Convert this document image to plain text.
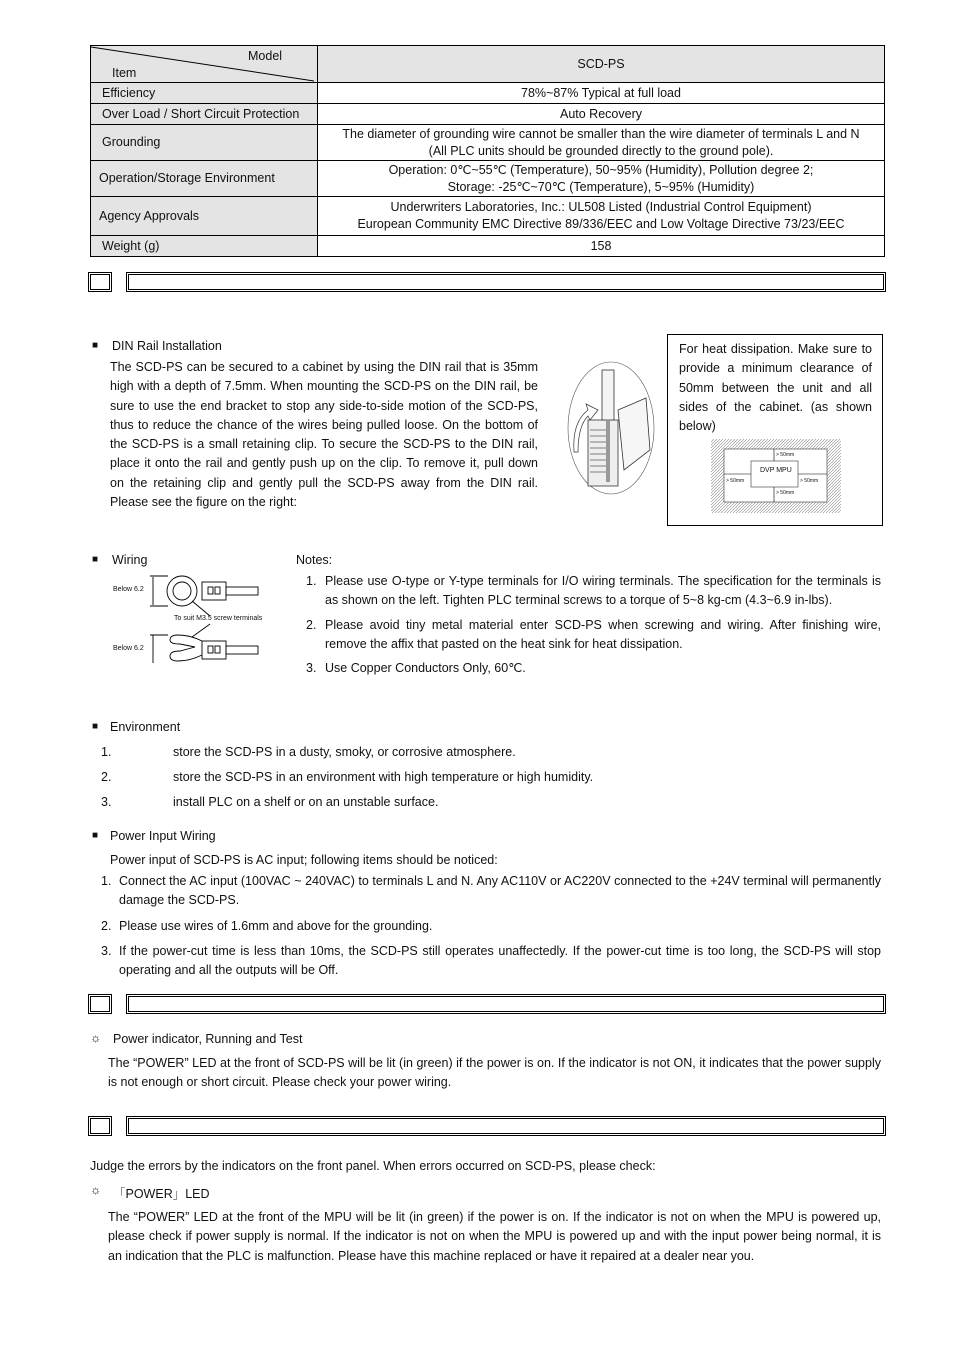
Model
Item	SCD-PS
Efficiency	78%~87% Typical at full load
Over Load / Short Circuit Protection	Auto Recovery
Grounding	The diameter of grounding wire cannot be smaller than the wire diameter of terminals L and N
(All PLC units should be grounded directly to the ground pole).

Operation/Storage Environment	Operation: 0℃~55℃ (Temperature), 50~95% (Humidity), Pollution degree 2;
Storage: -25℃~70℃ (Temperature), 5~95% (Humidity)

Agency Approvals	Underwriters Laboratories, Inc.: UL508 Listed (Industrial Control Equipment)
European Community EMC Directive 89/336/EEC and Low Voltage Directive 73/23/EEC

Weight (g)	158
■ DIN Rail Installation
The SCD-PS can be secured to a cabinet by using the DIN rail that is 35mm high with a depth of 7.5mm. When mounting the SCD-PS on the DIN rail, be sure to use the end bracket to stop any side-to-side motion of the SCD-PS, thus to reduce the chance of the wires being pulled loose. On the bottom of the SCD-PS is a small retaining clip. To secure the SCD-PS to the DIN rail, place it onto the rail and gently push up on the clip. To remove it, pull down on the retaining clip and gently pull the SCD-PS away from the DIN rail. Please see the figure on the right:
For heat dissipation. Make sure to provide a minimum clearance of 50mm between the unit and all sides of the cabinet. (as shown below)
DVP MPU
> 50mm
> 50mm
> 50mm	> 50mm
■ Wiring
Below 6.2
Below 6.2
To suit M3.5 screw terminals
Notes:
1. Please use O-type or Y-type terminals for I/O wiring terminals. The specification for the terminals is as shown on the left. Tighten PLC terminal screws to a torque of 5~8 kg-cm (4.3~6.9 in-lbs).
2. Please avoid tiny metal material enter SCD-PS when screwing and wiring. After finishing wire, remove the affix that pasted on the heat sink for heat dissipation.
3. Use Copper Conductors Only, 60℃.
■ Environment
1.	store the SCD-PS in a dusty, smoky, or corrosive atmosphere.
2.	store the SCD-PS in an environment with high temperature or high humidity.
3.	install PLC on a shelf or on an unstable surface.
■ Power Input Wiring
Power input of SCD-PS is AC input; following items should be noticed:
1. Connect the AC input (100VAC ~ 240VAC) to terminals L and N. Any AC110V or AC220V connected to the +24V terminal will permanently damage the SCD-PS.
2. Please use wires of 1.6mm and above for the grounding.
3. If the power-cut time is less than 10ms, the SCD-PS still operates unaffectedly. If the power-cut time is too long, the SCD-PS will stop operating and all the outputs will be Off.
☼ Power indicator, Running and Test
The “POWER” LED at the front of SCD-PS will be lit (in green) if the power is on. If the indicator is not ON, it indicates that the power supply is not enough or short circuit. Please check your power wiring.
Judge the errors by the indicators on the front panel. When errors occurred on SCD-PS, please check:
☼ 「POWER」LED
The “POWER” LED at the front of the MPU will be lit (in green) if the power is on. If the indicator is not on when the MPU is powered up, please check if power supply is normal. If the indicator is not on when the MPU is powered up and with the input power being normal, it is an indication that the PLC is malfunction. Please have this machine replaced or have it repaired at a dealer near you.
